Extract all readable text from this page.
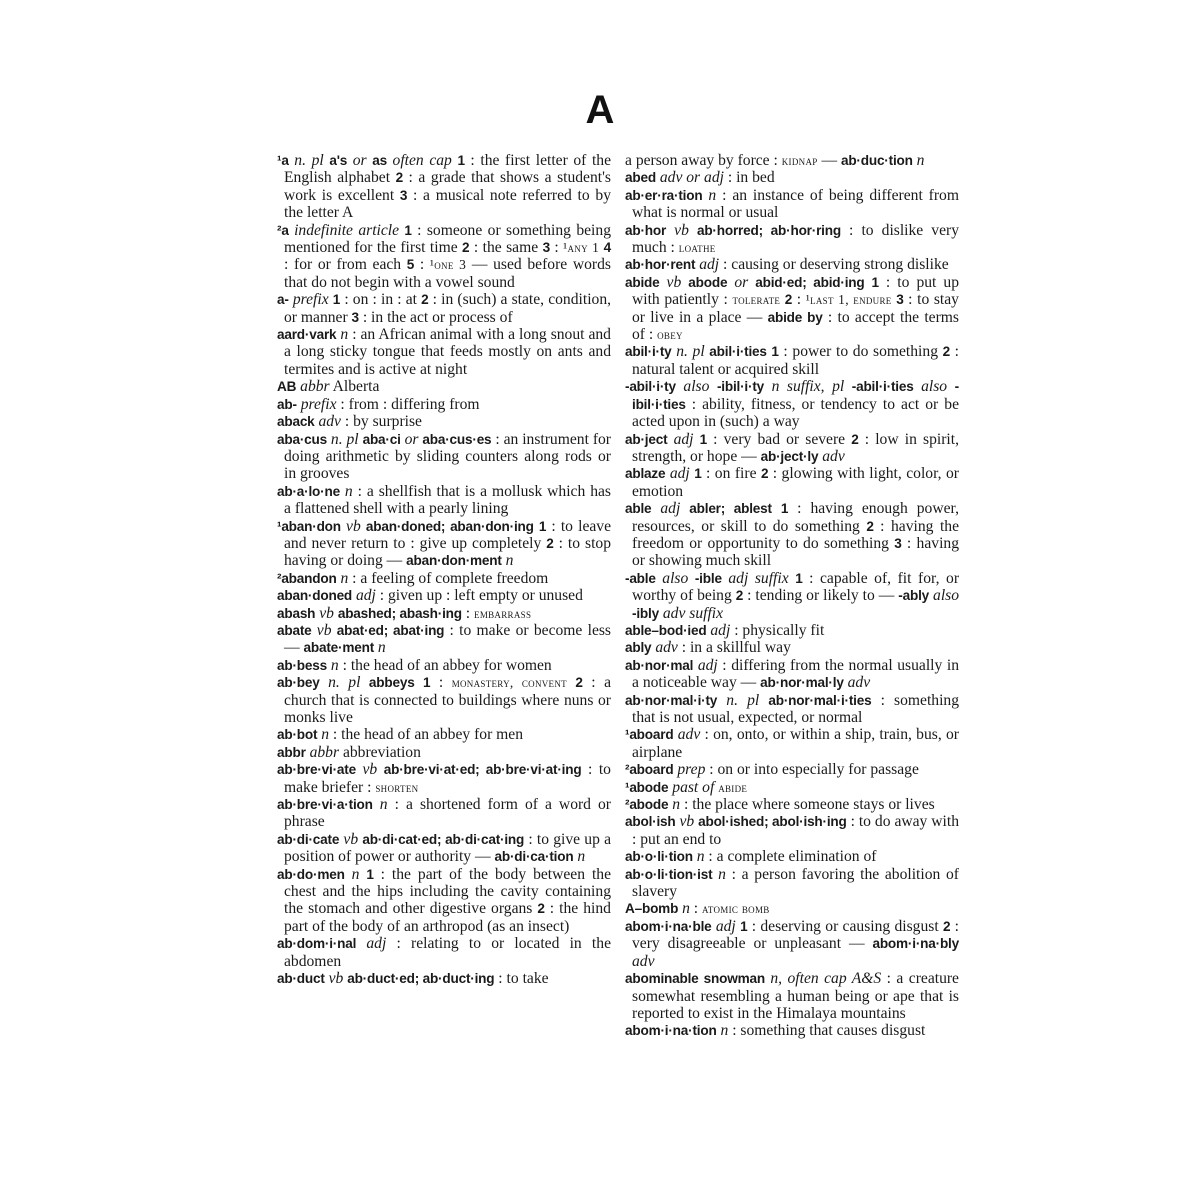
A

¹a n. pl a's or as often cap 1 : the first letter of the English alphabet 2 : a grade that shows a student's work is excellent 3 : a musical note referred to by the letter A

²a indefinite article 1 : someone or something being mentioned for the first time 2 : the same 3 : ¹any 1 4 : for or from each 5 : ¹one 3 — used before words that do not begin with a vowel sound

a- prefix 1 : on : in : at 2 : in (such) a state, condition, or manner 3 : in the act or process of

aard·vark n : an African animal with a long snout and a long sticky tongue that feeds mostly on ants and termites and is active at night

AB abbr Alberta

ab- prefix : from : differing from

aback adv : by surprise

aba·cus n. pl aba·ci or aba·cus·es : an instrument for doing arithmetic by sliding counters along rods or in grooves

ab·a·lo·ne n : a shellfish that is a mollusk which has a flattened shell with a pearly lining

¹aban·don vb aban·doned; aban·don·ing 1 : to leave and never return to : give up completely 2 : to stop having or doing — aban·don·ment n

²abandon n : a feeling of complete freedom

aban·doned adj : given up : left empty or unused

abash vb abashed; abash·ing : embarrass

abate vb abat·ed; abat·ing : to make or become less — abate·ment n

ab·bess n : the head of an abbey for women

ab·bey n. pl abbeys 1 : monastery, convent 2 : a church that is connected to buildings where nuns or monks live

ab·bot n : the head of an abbey for men

abbr abbr abbreviation

ab·bre·vi·ate vb ab·bre·vi·at·ed; ab·bre·vi·at·ing : to make briefer : shorten

ab·bre·vi·a·tion n : a shortened form of a word or phrase

ab·di·cate vb ab·di·cat·ed; ab·di·cat·ing : to give up a position of power or authority — ab·di·ca·tion n

ab·do·men n 1 : the part of the body between the chest and the hips including the cavity containing the stomach and other digestive organs 2 : the hind part of the body of an arthropod (as an insect)

ab·dom·i·nal adj : relating to or located in the abdomen

ab·duct vb ab·duct·ed; ab·duct·ing : to take

a person away by force : kidnap — ab·duc·tion n

abed adv or adj : in bed

ab·er·ra·tion n : an instance of being different from what is normal or usual

ab·hor vb ab·horred; ab·hor·ring : to dislike very much : loathe

ab·hor·rent adj : causing or deserving strong dislike

abide vb abode or abid·ed; abid·ing 1 : to put up with patiently : tolerate 2 : ¹last 1, endure 3 : to stay or live in a place — abide by : to accept the terms of : obey

abil·i·ty n. pl abil·i·ties 1 : power to do something 2 : natural talent or acquired skill

-abil·i·ty also -ibil·i·ty n suffix, pl -abil·i·ties also -ibil·i·ties : ability, fitness, or tendency to act or be acted upon in (such) a way

ab·ject adj 1 : very bad or severe 2 : low in spirit, strength, or hope — ab·ject·ly adv

ablaze adj 1 : on fire 2 : glowing with light, color, or emotion

able adj abler; ablest 1 : having enough power, resources, or skill to do something 2 : having the freedom or opportunity to do something 3 : having or showing much skill

-able also -ible adj suffix 1 : capable of, fit for, or worthy of being 2 : tending or likely to — -ably also -ibly adv suffix

able–bod·ied adj : physically fit

ably adv : in a skillful way

ab·nor·mal adj : differing from the normal usually in a noticeable way — ab·nor·mal·ly adv

ab·nor·mal·i·ty n. pl ab·nor·mal·i·ties : something that is not usual, expected, or normal

¹aboard adv : on, onto, or within a ship, train, bus, or airplane

²aboard prep : on or into especially for passage

¹abode past of abide

²abode n : the place where someone stays or lives

abol·ish vb abol·ished; abol·ish·ing : to do away with : put an end to

ab·o·li·tion n : a complete elimination of

ab·o·li·tion·ist n : a person favoring the abolition of slavery

A–bomb n : atomic bomb

abom·i·na·ble adj 1 : deserving or causing disgust 2 : very disagreeable or unpleasant — abom·i·na·bly adv

abominable snowman n, often cap A&S : a creature somewhat resembling a human being or ape that is reported to exist in the Himalaya mountains

abom·i·na·tion n : something that causes disgust
